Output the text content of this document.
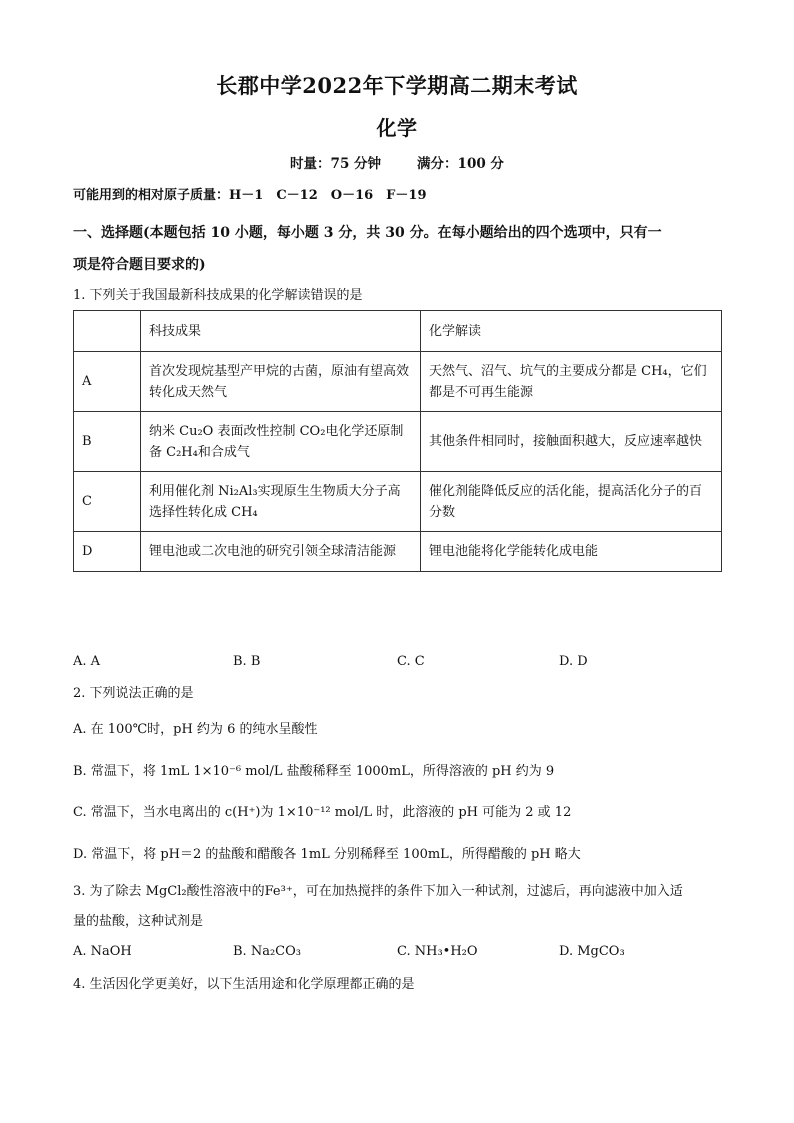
长郡中学2022年下学期高二期末考试
化学
时量：75 分钟	满分：100 分
可能用到的相对原子质量：H－1　C－12　O－16　F－19
一、选择题(本题包括 10 小题，每小题 3 分，共 30 分。在每小题给出的四个选项中，只有一
项是符合题目要求的)
1. 下列关于我国最新科技成果的化学解读错误的是
	科技成果	化学解读
A	首次发现烷基型产甲烷的古菌，原油有望高效转化成天然气	天然气、沼气、坑气的主要成分都是 CH₄，它们都是不可再生能源
B	纳米 Cu₂O 表面改性控制 CO₂电化学还原制备 C₂H₄和合成气	其他条件相同时，接触面积越大，反应速率越快
C	利用催化剂 Ni₂Al₃实现原生生物质大分子高选择性转化成 CH₄	催化剂能降低反应的活化能，提高活化分子的百分数
D	锂电池或二次电池的研究引领全球清洁能源	锂电池能将化学能转化成电能
A. A	B. B	C. C	D. D
2. 下列说法正确的是
A. 在 100℃时，pH 约为 6 的纯水呈酸性
B. 常温下，将 1mL 1×10⁻⁶ mol/L 盐酸稀释至 1000mL，所得溶液的 pH 约为 9
C. 常温下，当水电离出的 c(H⁺)为 1×10⁻¹² mol/L 时，此溶液的 pH 可能为 2 或 12
D. 常温下，将 pH＝2 的盐酸和醋酸各 1mL 分别稀释至 100mL，所得醋酸的 pH 略大
3. 为了除去 MgCl₂酸性溶液中的Fe³⁺，可在加热搅拌的条件下加入一种试剂，过滤后，再向滤液中加入适
量的盐酸，这种试剂是
A. NaOH	B. Na₂CO₃	C. NH₃•H₂O	D. MgCO₃
4. 生活因化学更美好，以下生活用途和化学原理都正确的是
